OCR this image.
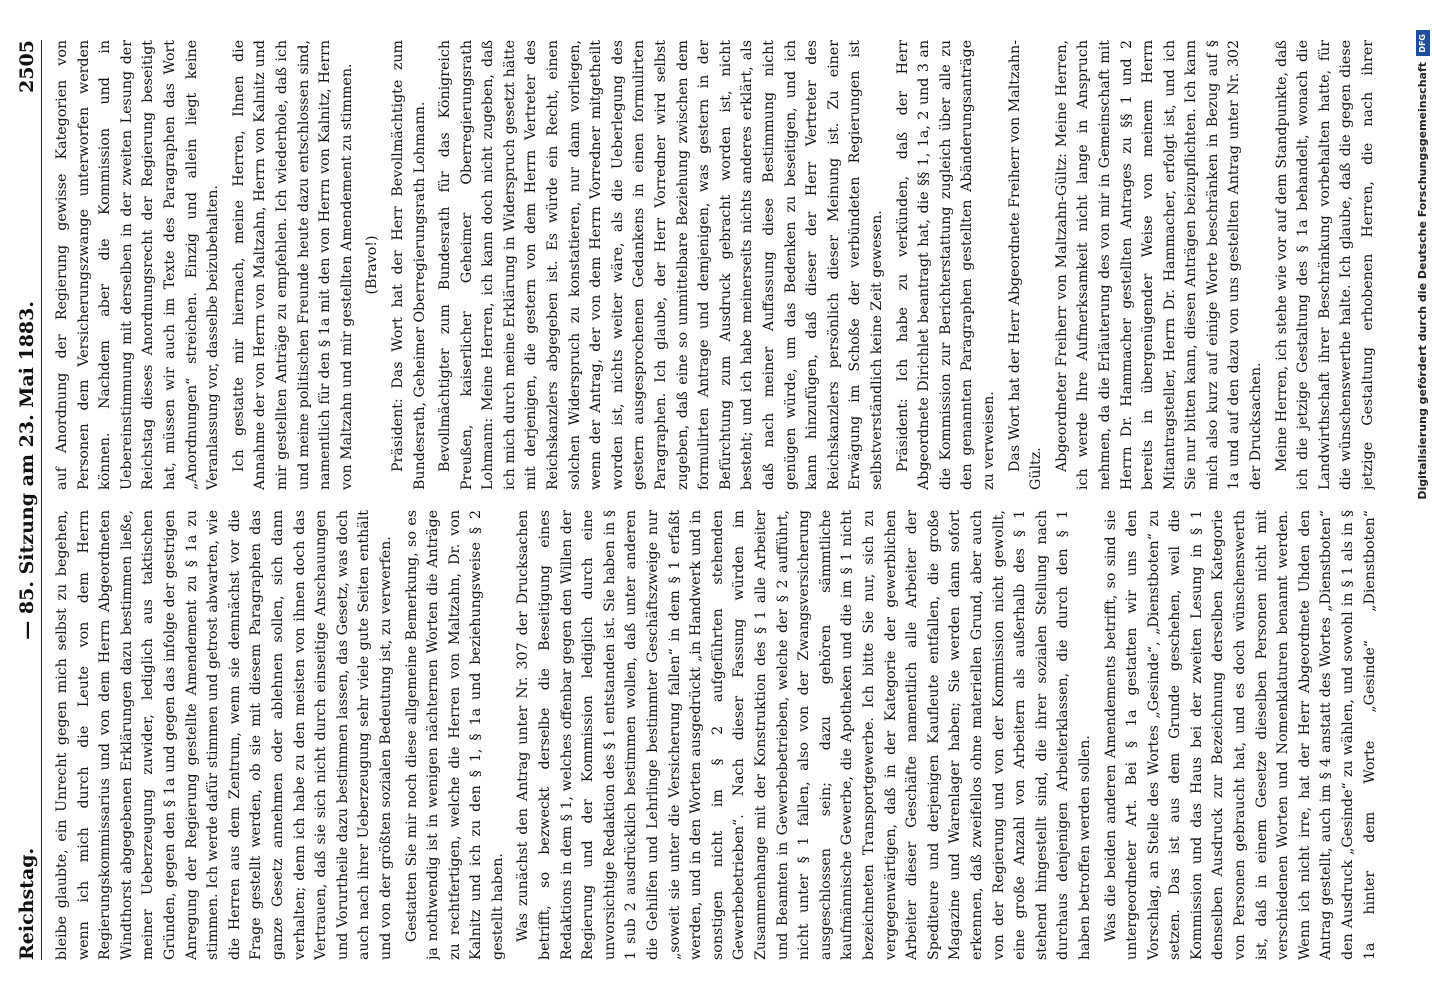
Reichstag.
— 85. Sitzung am 23. Mai 1883.
2505

bleibe glaubte, ein Unrecht gegen mich selbst zu begehen, wenn ich mich durch die Leute von dem Herrn Regierungskommissarius und von dem Herrn Abgeordneten Windthorst abgegebenen Erklärungen dazu bestimmen ließe, meiner Ueberzeugung zuwider, lediglich aus taktischen Gründen, gegen den § 1a und gegen das infolge der gestrigen Anregung der Regierung gestellte Amendement zu § 1a zu stimmen. Ich werde dafür stimmen und getrost abwarten, wie die Herren aus dem Zentrum, wenn sie demnächst vor die Frage gestellt werden, ob sie mit diesem Paragraphen das ganze Gesetz annehmen oder ablehnen sollen, sich dann verhalten; denn ich habe zu den meisten von ihnen doch das Vertrauen, daß sie sich nicht durch einseitige Anschauungen und Vorurtheile dazu bestimmen lassen, das Gesetz, was doch auch nach ihrer Ueberzeugung sehr viele gute Seiten enthält und von der größten sozialen Bedeutung ist, zu verwerfen. Gestatten Sie mir noch diese allgemeine Bemerkung, so es ja nothwendig ist in wenigen nächternen Worten die Anträge zu rechtfertigen, welche die Herren von Maltzahn, Dr. von Kalnitz und ich zu den § 1, § 1a und beziehungsweise § 2 gestellt haben. Was zunächst den Antrag unter Nr. 307 der Drucksachen betrifft, so bezweckt derselbe die Beseitigung eines Redaktions in dem § 1, welches offenbar gegen den Willen der Regierung und der Kommission lediglich durch eine unvorsichtige Redaktion des § 1 entstanden ist. Sie haben in § 1 sub 2 ausdrücklich bestimmen wollen, daß unter anderen die Gehilfen und Lehrlinge bestimmter Geschäftszweige nur „soweit sie unter die Versicherung fallen“ in dem § 1 erfaßt werden, und in den Worten ausgedrückt „in Handwerk und in sonstigen nicht im § 2 aufgeführten stehenden Gewerbebetrieben“. Nach dieser Fassung würden im Zusammenhange mit der Konstruktion des § 1 alle Arbeiter und Beamten in Gewerbebetrieben, welche der § 2 aufführt, nicht unter § 1 fallen, also von der Zwangsversicherung ausgeschlossen sein; dazu gehören sämmtliche kaufmännische Gewerbe, die Apotheken und die im § 1 nicht bezeichneten Transportgewerbe. Ich bitte Sie nur, sich zu vergegenwärtigen, daß in der Kategorie der gewerblichen Arbeiter dieser Geschäfte namentlich alle Arbeiter der Spediteure und derjenigen Kaufleute entfallen, die große Magazine und Warenlager haben; Sie werden dann sofort erkennen, daß zweifellos ohne materiellen Grund, aber auch von der Regierung und von der Kommission nicht gewollt, eine große Anzahl von Arbeitern als außerhalb des § 1 stehend hingestellt sind, die ihrer sozialen Stellung nach durchaus denjenigen Arbeiterklassen, die durch den § 1 haben betroffen werden sollen. Was die beiden anderen Amendements betrifft, so sind sie untergeordneter Art. Bei § 1a gestatten wir uns den Vorschlag, an Stelle des Wortes „Gesinde“, „Dienstboten“ zu setzen. Das ist aus dem Grunde geschehen, weil die Kommission und das Haus bei der zweiten Lesung in § 1 denselben Ausdruck zur Bezeichnung derselben Kategorie von Personen gebraucht hat, und es doch wünschenswerth ist, daß in einem Gesetze dieselben Personen nicht mit verschiedenen Worten und Nomenklaturen benannt werden. Wenn ich nicht irre, hat der Herr Abgeordnete Uhden den Antrag gestellt, auch im § 4 anstatt des Wortes „Dienstboten“ den Ausdruck „Gesinde“ zu wählen, und sowohl in § 1 als in § 1a hinter dem Worte „Gesinde“ „Dienstboten“

auf Anordnung der Regierung gewisse Kategorien von Personen dem Versicherungszwange unterworfen werden können. Nachdem aber die Kommission und in Uebereinstimmung mit derselben in der zweiten Lesung der Reichstag dieses Anordnungsrecht der Regierung beseitigt hat, müssen wir auch im Texte des Paragraphen das Wort „Anordnungen“ streichen. Einzig und allein liegt keine Veranlassung vor, dasselbe beizubehalten. Ich gestatte mir hiernach, meine Herren, Ihnen die Annahme der von Herrn von Maltzahn, Herrn von Kalnitz und mir gestellten Anträge zu empfehlen. Ich wiederhole, daß ich und meine politischen Freunde heute dazu entschlossen sind, namentlich für den § 1a mit den von Herrn von Kalnitz, Herrn von Maltzahn und mir gestellten Amendement zu stimmen. (Bravo!) Präsident: Das Wort hat der Herr Bevollmächtigte zum Bundesrath, Geheimer Oberregierungsrath Lohmann. Bevollmächtigter zum Bundesrath für das Königreich Preußen, kaiserlicher Geheimer Oberregierungsrath Lohmann: Meine Herren, ich kann doch nicht zugeben, daß ich mich durch meine Erklärung in Widerspruch gesetzt hätte mit derjenigen, die gestern von dem Herrn Vertreter des Reichskanzlers abgegeben ist. Es würde ein Recht, einen solchen Widerspruch zu konstatieren, nur dann vorliegen, wenn der Antrag, der von dem Herrn Vorredner mitgetheilt worden ist, nichts weiter wäre, als die Ueberlegung des gestern ausgesprochenen Gedankens in einen formulirten Paragraphen. Ich glaube, der Herr Vorredner wird selbst zugeben, daß eine so unmittelbare Beziehung zwischen dem formulirten Antrage und demjenigen, was gestern in der Befürchtung zum Ausdruck gebracht worden ist, nicht besteht; und ich habe meinerseits nichts anderes erklärt, als daß nach meiner Auffassung diese Bestimmung nicht genügen würde, um das Bedenken zu beseitigen, und ich kann hinzufügen, daß dieser der Herr Vertreter des Reichskanzlers persönlich dieser Meinung ist. Zu einer Erwägung im Schoße der verbündeten Regierungen ist selbstverständlich keine Zeit gewesen. Präsident: Ich habe zu verkünden, daß der Herr Abgeordnete Dirichlet beantragt hat, die §§ 1, 1a, 2 und 3 an die Kommission zur Berichterstattung zugleich über alle zu den genannten Paragraphen gestellten Abänderungsanträge zu verweisen. Das Wort hat der Herr Abgeordnete Freiherr von Maltzahn-Gültz. Abgeordneter Freiherr von Maltzahn-Gültz: Meine Herren, ich werde Ihre Aufmerksamkeit nicht lange in Anspruch nehmen, da die Erläuterung des von mir in Gemeinschaft mit Herrn Dr. Hammacher gestellten Antrages zu §§ 1 und 2 bereits in übergenügender Weise von meinem Herrn Mitantragsteller, Herrn Dr. Hammacher, erfolgt ist, und ich Sie nur bitten kann, diesen Anträgen beizupflichten. Ich kann mich also kurz auf einige Worte beschränken in Bezug auf § 1a und auf den dazu von uns gestellten Antrag unter Nr. 302 der Drucksachen. Meine Herren, ich stehe wie vor auf dem Standpunkte, daß ich die jetzige Gestaltung des § 1a behandelt, wonach die Landwirthschaft ihrer Beschränkung vorbehalten hatte, für die wünschenswerthe halte. Ich glaube, daß die gegen diese jetzige Gestaltung erhobenen Herren, die nach ihrer	DFG
Digitalisierung gefördert durch die Deutsche Forschungsgemeinschaft
